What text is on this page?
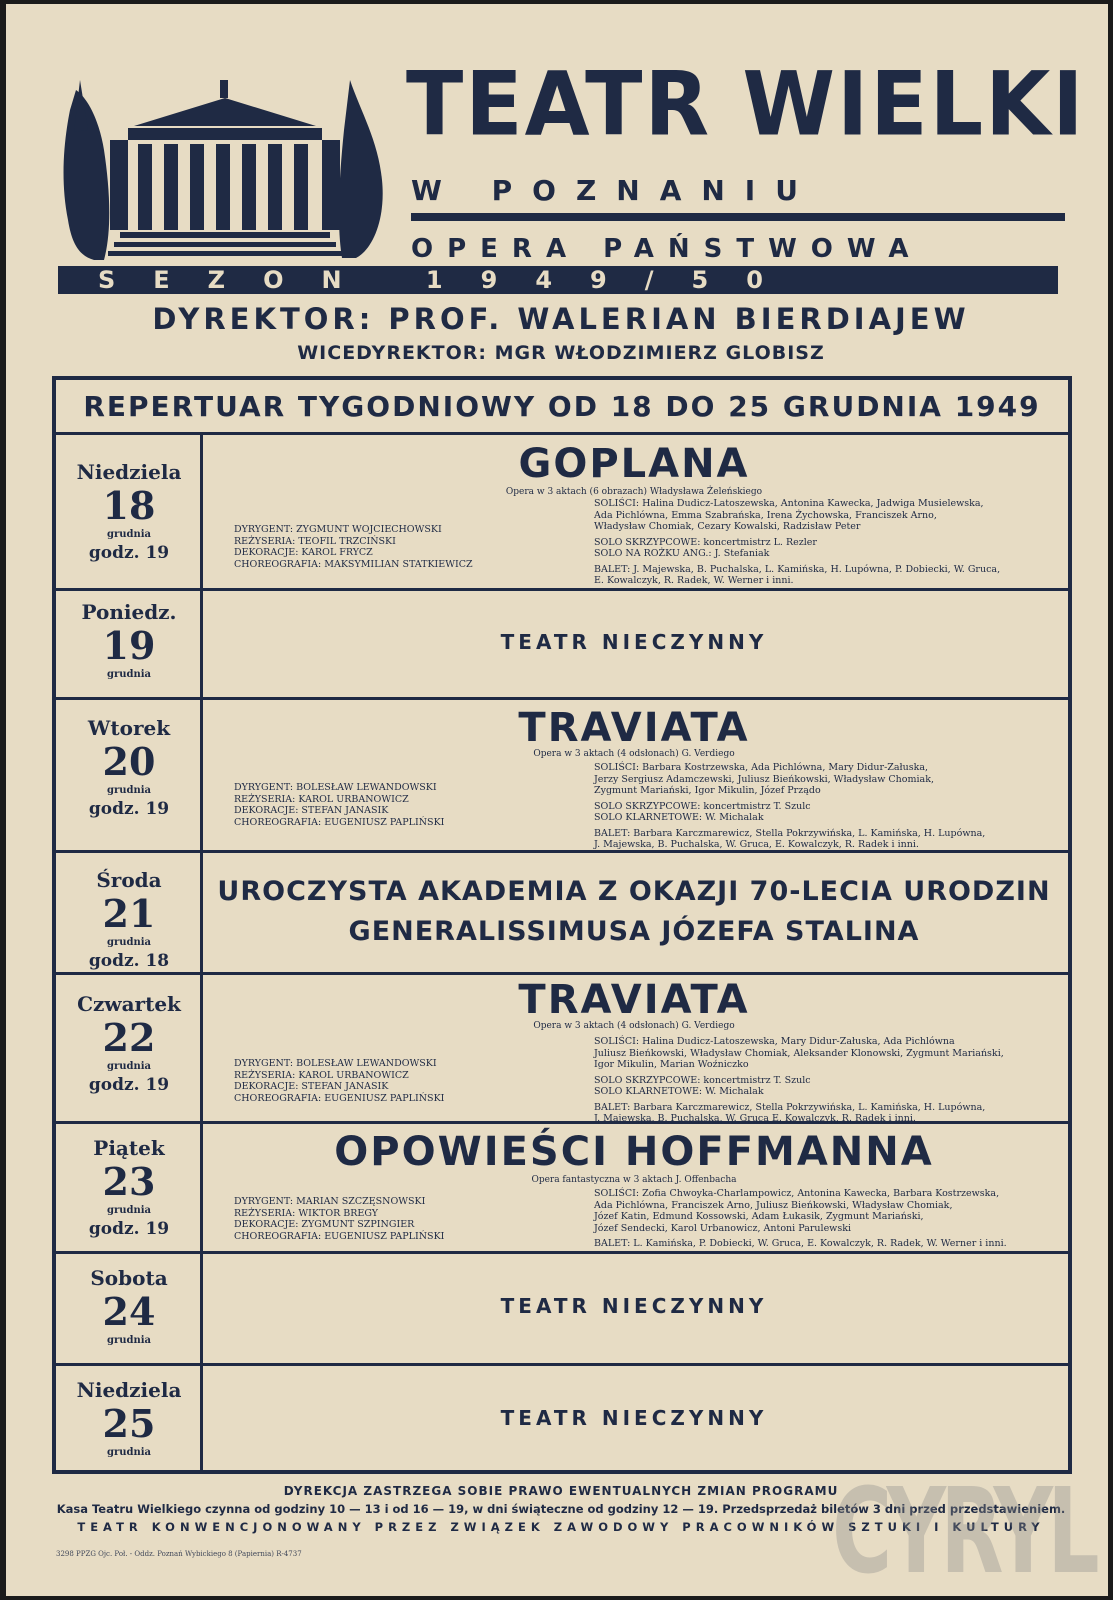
TEATR WIELKI
W POZNANIU
OPERA PAŃSTWOWA
SEZON 1949/50
DYREKTOR: PROF. WALERIAN BIERDIAJEW
WICEDYREKTOR: MGR WŁODZIMIERZ GLOBISZ
REPERTUAR TYGODNIOWY OD 18 DO 25 GRUDNIA 1949
Niedziela
18
grudnia
godz. 19
GOPLANA
Opera w 3 aktach (6 obrazach) Władysława Żeleńskiego
DYRYGENT: ZYGMUNT WOJCIECHOWSKI
REŻYSERIA: TEOFIL TRZCIŃSKI
DEKORACJE: KAROL FRYCZ
CHOREOGRAFIA: MAKSYMILIAN STATKIEWICZ
SOLIŚCI: Halina Dudicz-Latoszewska, Antonina Kawecka, Jadwiga Musielewska,
Ada Pichlówna, Emma Szabrańska, Irena Żychowska, Franciszek Arno,
Władysław Chomiak, Cezary Kowalski, Radzisław Peter
SOLO SKRZYPCOWE: koncertmistrz L. Rezler
SOLO NA ROŻKU ANG.: J. Stefaniak
BALET: J. Majewska, B. Puchalska, L. Kamińska, H. Lupówna, P. Dobiecki, W. Gruca,
E. Kowalczyk, R. Radek, W. Werner i inni.
Poniedz.
19
grudnia
TEATR NIECZYNNY
Wtorek
20
grudnia
godz. 19
TRAVIATA
Opera w 3 aktach (4 odsłonach) G. Verdiego
DYRYGENT: BOLESŁAW LEWANDOWSKI
REŻYSERIA: KAROL URBANOWICZ
DEKORACJE: STEFAN JANASIK
CHOREOGRAFIA: EUGENIUSZ PAPLIŃSKI
SOLIŚCI: Barbara Kostrzewska, Ada Pichlówna, Mary Didur-Załuska,
Jerzy Sergiusz Adamczewski, Juliusz Bieńkowski, Władysław Chomiak,
Zygmunt Mariański, Igor Mikulin, Józef Prządo
SOLO SKRZYPCOWE: koncertmistrz T. Szulc
SOLO KLARNETOWE: W. Michalak
BALET: Barbara Karczmarewicz, Stella Pokrzywińska, L. Kamińska, H. Lupówna,
J. Majewska, B. Puchalska, W. Gruca, E. Kowalczyk, R. Radek i inni.
Środa
21
grudnia
godz. 18
UROCZYSTA AKADEMIA Z OKAZJI 70-LECIA URODZIN
GENERALISSIMUSA JÓZEFA STALINA
Czwartek
22
grudnia
godz. 19
TRAVIATA
Opera w 3 aktach (4 odsłonach) G. Verdiego
DYRYGENT: BOLESŁAW LEWANDOWSKI
REŻYSERIA: KAROL URBANOWICZ
DEKORACJE: STEFAN JANASIK
CHOREOGRAFIA: EUGENIUSZ PAPLIŃSKI
SOLIŚCI: Halina Dudicz-Latoszewska, Mary Didur-Załuska, Ada Pichlówna
Juliusz Bieńkowski, Władysław Chomiak, Aleksander Klonowski, Zygmunt Mariański,
Igor Mikulin, Marian Woźniczko
SOLO SKRZYPCOWE: koncertmistrz T. Szulc
SOLO KLARNETOWE: W. Michalak
BALET: Barbara Karczmarewicz, Stella Pokrzywińska, L. Kamińska, H. Lupówna,
J. Majewska, B. Puchalska, W. Gruca E. Kowalczyk, R. Radek i inni.
Piątek
23
grudnia
godz. 19
OPOWIEŚCI HOFFMANNA
Opera fantastyczna w 3 aktach J. Offenbacha
DYRYGENT: MARIAN SZCZĘSNOWSKI
REŻYSERIA: WIKTOR BREGY
DEKORACJE: ZYGMUNT SZPINGIER
CHOREOGRAFIA: EUGENIUSZ PAPLIŃSKI
SOLIŚCI: Zofia Chwoyka-Charlampowicz, Antonina Kawecka, Barbara Kostrzewska,
Ada Pichlówna, Franciszek Arno, Juliusz Bieńkowski, Władysław Chomiak,
Józef Katin, Edmund Kossowski, Adam Łukasik, Zygmunt Mariański,
Józef Sendecki, Karol Urbanowicz, Antoni Parulewski
BALET: L. Kamińska, P. Dobiecki, W. Gruca, E. Kowalczyk, R. Radek, W. Werner i inni.
Sobota
24
grudnia
TEATR NIECZYNNY
Niedziela
25
grudnia
TEATR NIECZYNNY
DYREKCJA ZASTRZEGA SOBIE PRAWO EWENTUALNYCH ZMIAN PROGRAMU
Kasa Teatru Wielkiego czynna od godziny 10 — 13 i od 16 — 19, w dni świąteczne od godziny 12 — 19. Przedsprzedaż biletów 3 dni przed przedstawieniem.
TEATR KONWENCJONOWANY PRZEZ ZWIĄZEK ZAWODOWY PRACOWNIKÓW SZTUKI I KULTURY
3298 PPZG Ojc. Poł. - Oddz. Poznań Wybickiego 8 (Papiernia) R-4737	CYRYL
